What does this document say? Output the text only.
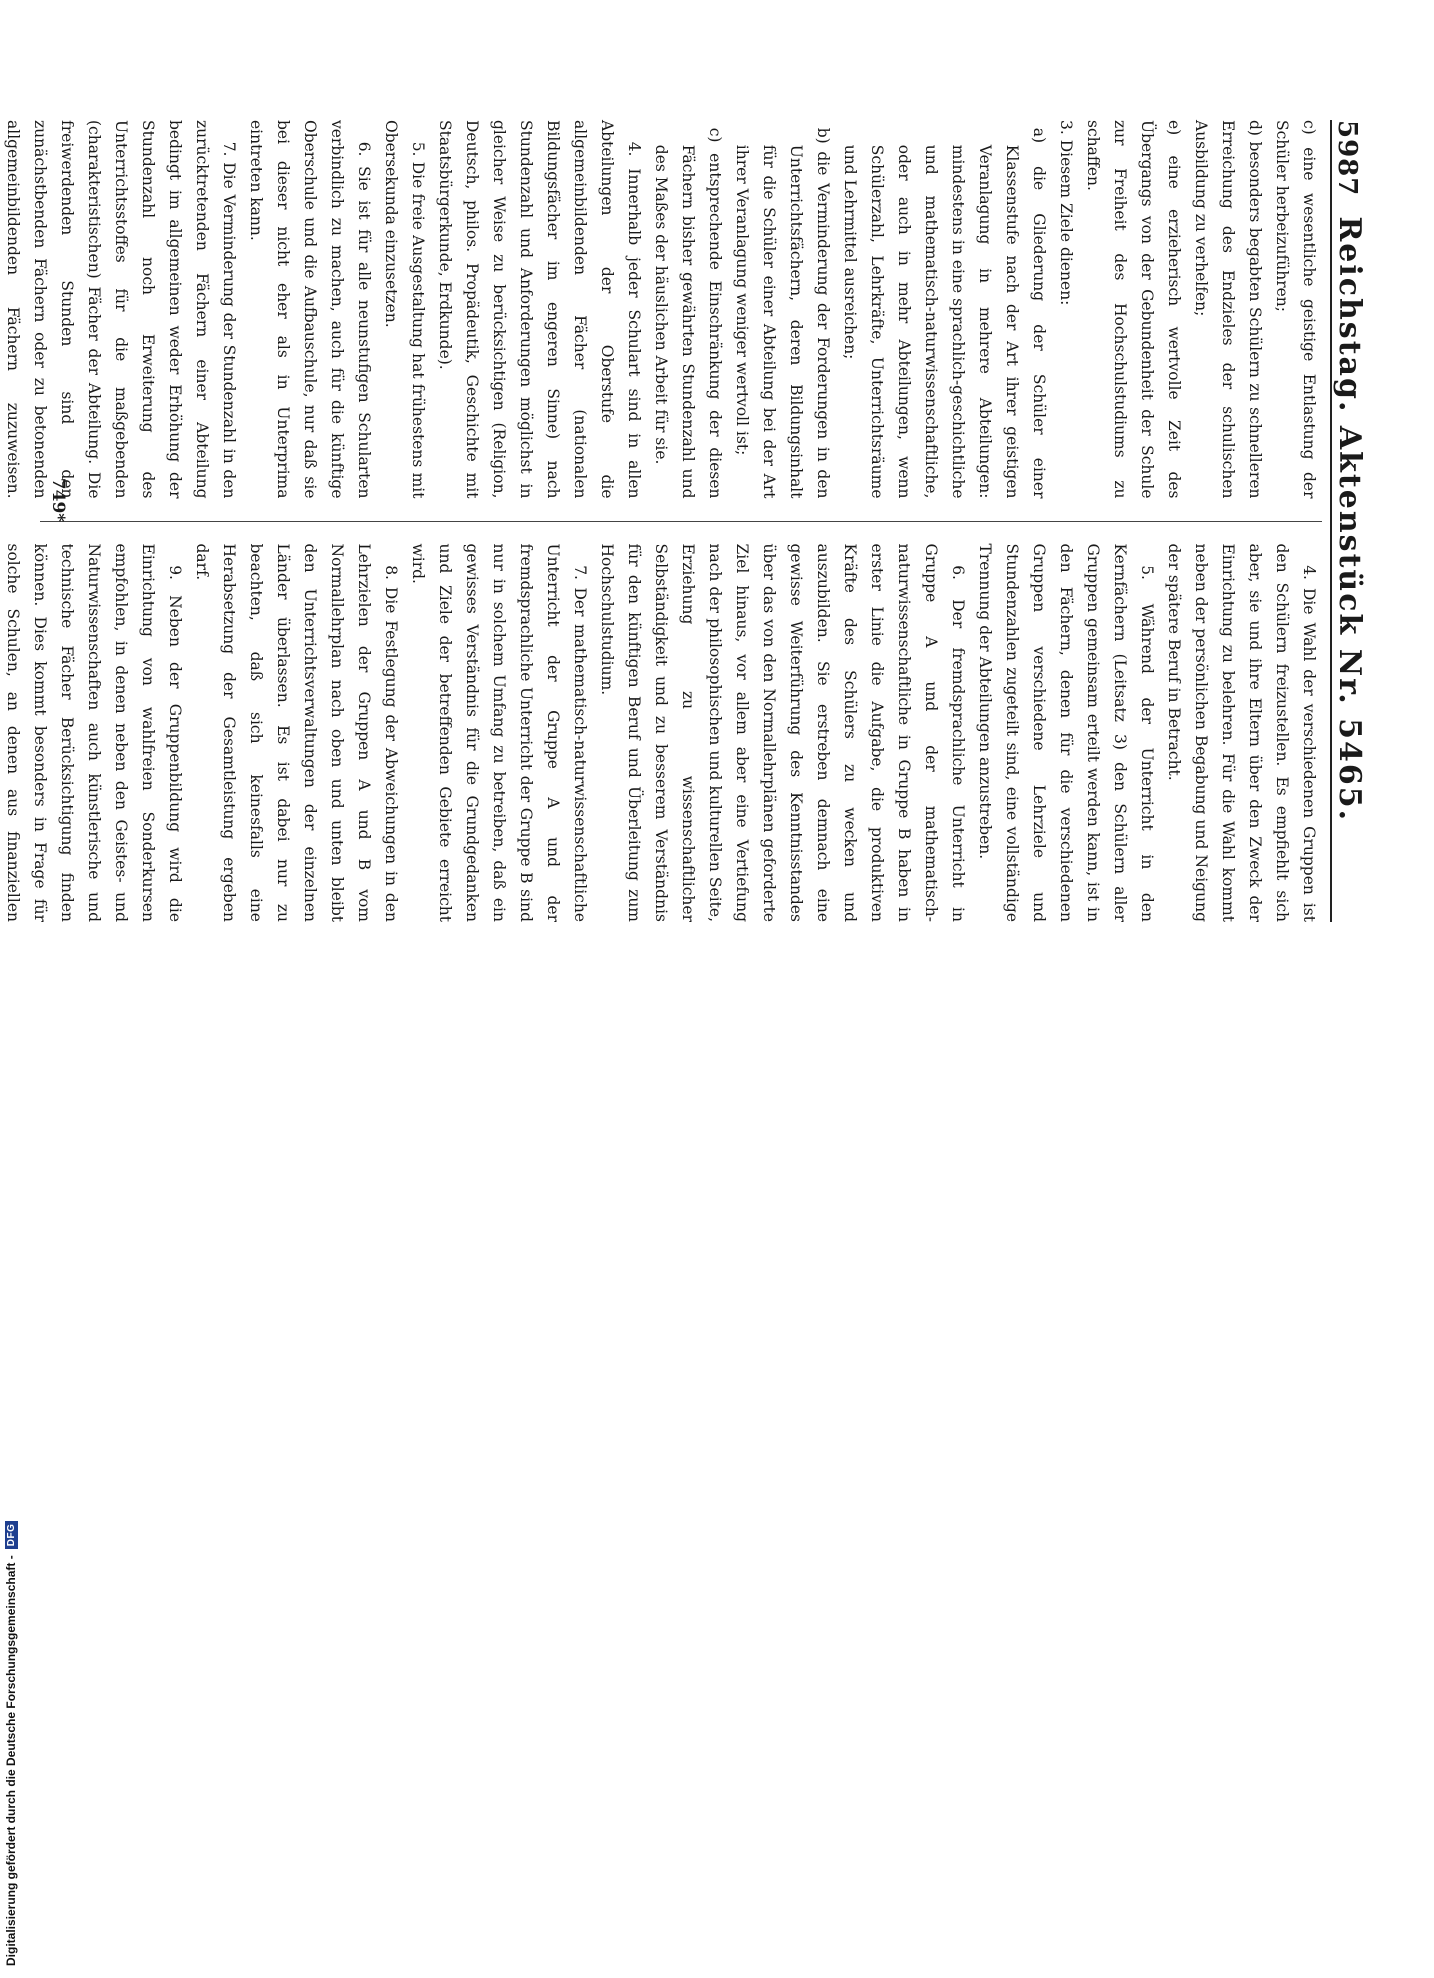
5987
Reichstag. Aktenstück Nr. 5465.

c) eine wesentliche geistige Entlastung der Schüler herbeizuführen;

d) besonders begabten Schülern zu schnelleren Erreichung des Endzieles der schulischen Ausbildung zu verhelfen;

e) eine erzieherisch wertvolle Zeit des Übergangs von der Gebundenheit der Schule zur Freiheit des Hochschulstudiums zu schaffen.

3. Diesem Ziele dienen:

a) die Gliederung der Schüler einer Klassenstufe nach der Art ihrer geistigen Veranlagung in mehrere Abteilungen: mindestens in eine sprachlich-geschichtliche und mathematisch-naturwissenschaftliche, oder auch in mehr Abteilungen, wenn Schülerzahl, Lehrkräfte, Unterrichtsräume und Lehrmittel ausreichen;

b) die Verminderung der Forderungen in den Unterrichtsfächern, deren Bildungsinhalt für die Schüler einer Abteilung bei der Art ihrer Veranlagung weniger wertvoll ist;

c) entsprechende Einschränkung der diesen Fächern bisher gewährten Stundenzahl und des Maßes der häuslichen Arbeit für sie.

4. Innerhalb jeder Schulart sind in allen Abteilungen der Oberstufe die allgemeinbildenden Fächer (nationalen Bildungsfächer im engeren Sinne) nach Stundenzahl und Anforderungen möglichst in gleicher Weise zu berücksichtigen (Religion, Deutsch, philos. Propädeutik, Geschichte mit Staatsbürgerkunde, Erdkunde).

5. Die freie Ausgestaltung hat frühestens mit Obersekunda einzusetzen.

6. Sie ist für alle neunstufigen Schularten verbindlich zu machen, auch für die künftige Oberschule und die Aufbauschule, nur daß sie bei dieser nicht eher als in Unterprima eintreten kann.

7. Die Verminderung der Stundenzahl in den zurücktretenden Fächern einer Abteilung bedingt im allgemeinen weder Erhöhung der Stundenzahl noch Erweiterung des Unterrichtsstoffes für die maßgebenden (charakteristischen) Fächer der Abteilung. Die freiwerdenden Stunden sind den zunächstbenden Fächern oder zu betonenden allgemeinbildenden Fächern zuzuweisen.

4. Die Wahl der verschiedenen Gruppen ist den Schülern freizustellen. Es empfiehlt sich aber, sie und ihre Eltern über den Zweck der Einrichtung zu belehren. Für die Wahl kommt neben der persönlichen Begabung und Neigung der spätere Beruf in Betracht.

5. Während der Unterricht in den Kernfächern (Leitsatz 3) den Schülern aller Gruppen gemeinsam erteilt werden kann, ist in den Fächern, denen für die verschiedenen Gruppen verschiedene Lehrziele und Stundenzahlen zugeteilt sind, eine vollständige Trennung der Abteilungen anzustreben.

6. Der fremdsprachliche Unterricht in Gruppe A und der mathematisch-naturwissenschaftliche in Gruppe B haben in erster Linie die Aufgabe, die produktiven Kräfte des Schülers zu wecken und auszubilden. Sie erstreben demnach eine gewisse Weiterführung des Kenntnisstandes über das von den Normallehrplänen geforderte Ziel hinaus, vor allem aber eine Vertiefung nach der philosophischen und kulturellen Seite, Erziehung zu wissenschaftlicher Selbständigkeit und zu besserem Verständnis für den künftigen Beruf und Überleitung zum Hochschulstudium.

7. Der mathematisch-naturwissenschaftliche Unterricht der Gruppe A und der fremdsprachliche Unterricht der Gruppe B sind nur in solchem Umfang zu betreiben, daß ein gewisses Verständnis für die Grundgedanken und Ziele der betreffenden Gebiete erreicht wird.

8. Die Festlegung der Abweichungen in den Lehrzielen der Gruppen A und B vom Normallehrplan nach oben und unten bleibt den Unterrichtsverwaltungen der einzelnen Länder überlassen. Es ist dabei nur zu beachten, daß sich keinesfalls eine Herabsetzung der Gesamtleistung ergeben darf.

9. Neben der Gruppenbildung wird die Einrichtung von wahlfreien Sonderkursen empfohlen, in denen neben den Geistes- und Naturwissenschaften auch künstlerische und technische Fächer Berücksichtigung finden können. Dies kommt besonders in Frage für solche Schulen, an denen aus finanziellen

749*
Digitalisierung gefördert durch die Deutsche Forschungsgemeinschaft -
DFG
